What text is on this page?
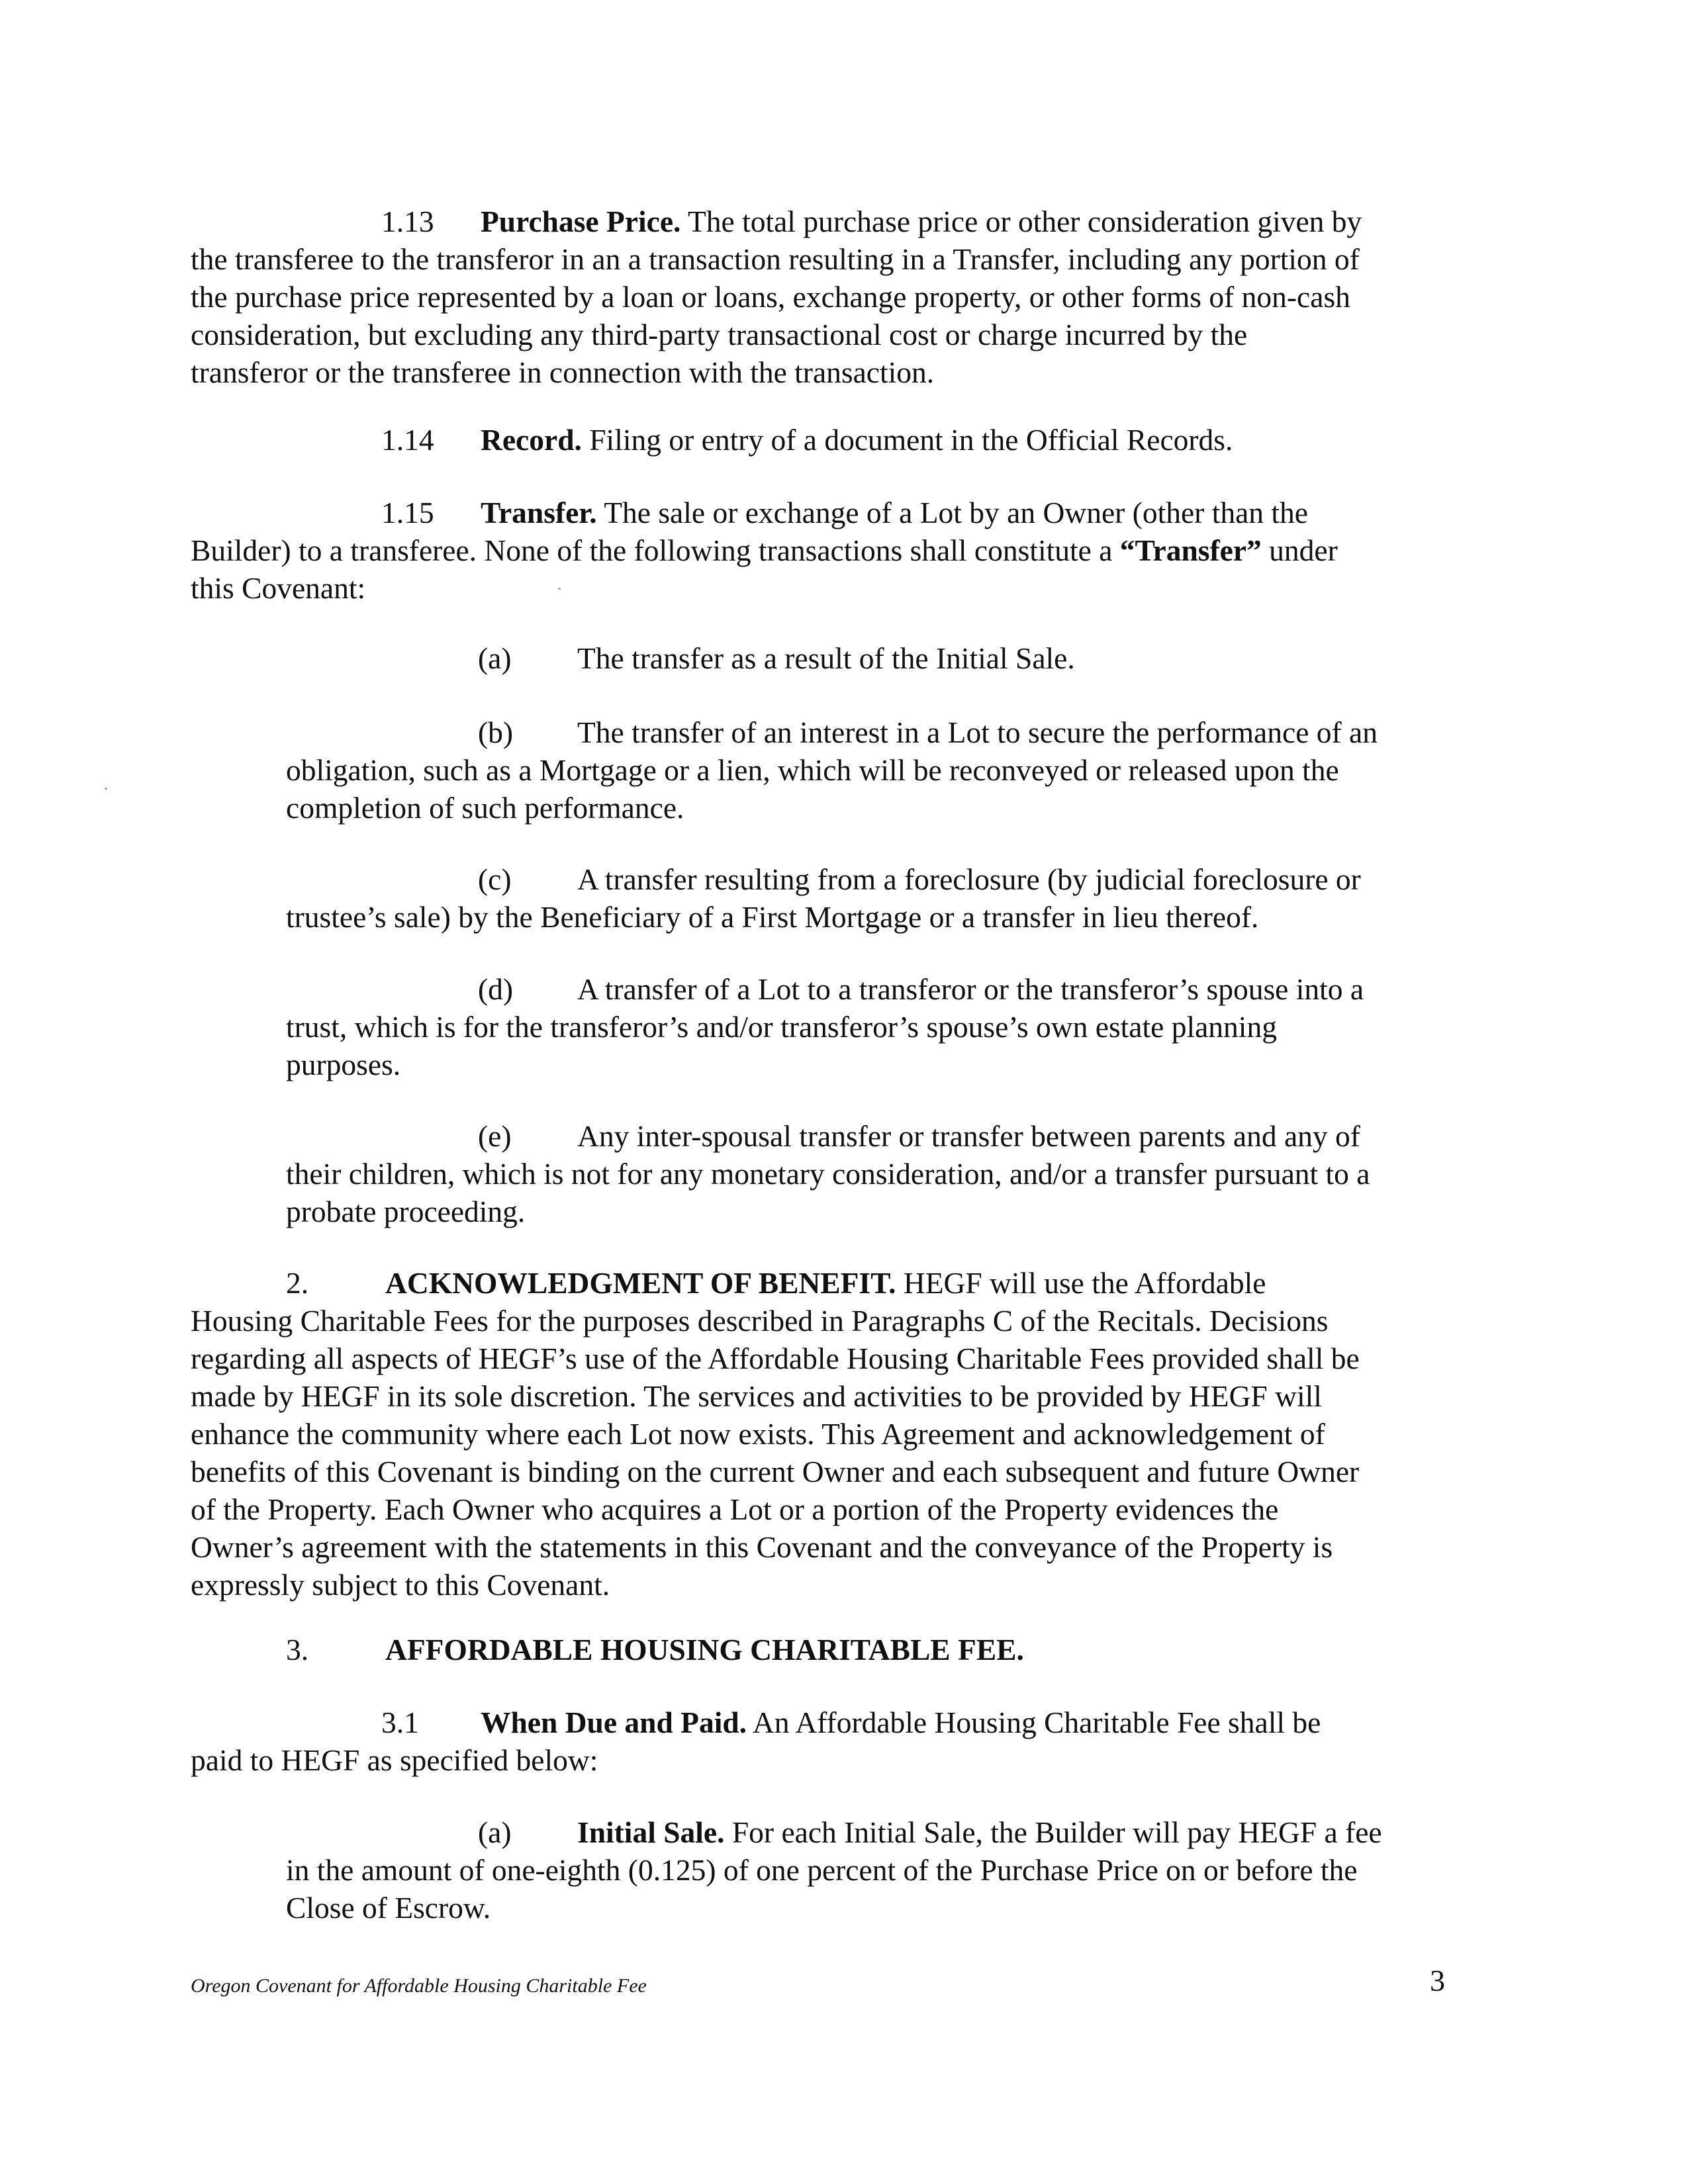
1.13 Purchase Price. The total purchase price or other consideration given by
the transferee to the transferor in an a transaction resulting in a Transfer, including any portion of
the purchase price represented by a loan or loans, exchange property, or other forms of non-cash
consideration, but excluding any third-party transactional cost or charge incurred by the
transferor or the transferee in connection with the transaction.
1.14 Record. Filing or entry of a document in the Official Records.
1.15 Transfer. The sale or exchange of a Lot by an Owner (other than the
Builder) to a transferee. None of the following transactions shall constitute a “Transfer” under
this Covenant:
(a) The transfer as a result of the Initial Sale.
(b) The transfer of an interest in a Lot to secure the performance of an
obligation, such as a Mortgage or a lien, which will be reconveyed or released upon the
completion of such performance.
(c) A transfer resulting from a foreclosure (by judicial foreclosure or
trustee’s sale) by the Beneficiary of a First Mortgage or a transfer in lieu thereof.
(d) A transfer of a Lot to a transferor or the transferor’s spouse into a
trust, which is for the transferor’s and/or transferor’s spouse’s own estate planning
purposes.
(e) Any inter-spousal transfer or transfer between parents and any of
their children, which is not for any monetary consideration, and/or a transfer pursuant to a
probate proceeding.
2.	ACKNOWLEDGMENT OF BENEFIT. HEGF will use the Affordable
Housing Charitable Fees for the purposes described in Paragraphs C of the Recitals. Decisions
regarding all aspects of HEGF’s use of the Affordable Housing Charitable Fees provided shall be
made by HEGF in its sole discretion. The services and activities to be provided by HEGF will
enhance the community where each Lot now exists. This Agreement and acknowledgement of
benefits of this Covenant is binding on the current Owner and each subsequent and future Owner
of the Property. Each Owner who acquires a Lot or a portion of the Property evidences the
Owner’s agreement with the statements in this Covenant and the conveyance of the Property is
expressly subject to this Covenant.
3.	AFFORDABLE HOUSING CHARITABLE FEE.
3.1 When Due and Paid. An Affordable Housing Charitable Fee shall be
paid to HEGF as specified below:
(a) Initial Sale. For each Initial Sale, the Builder will pay HEGF a fee
in the amount of one-eighth (0.125) of one percent of the Purchase Price on or before the
Close of Escrow.
Oregon Covenant for Affordable Housing Charitable Fee	3
